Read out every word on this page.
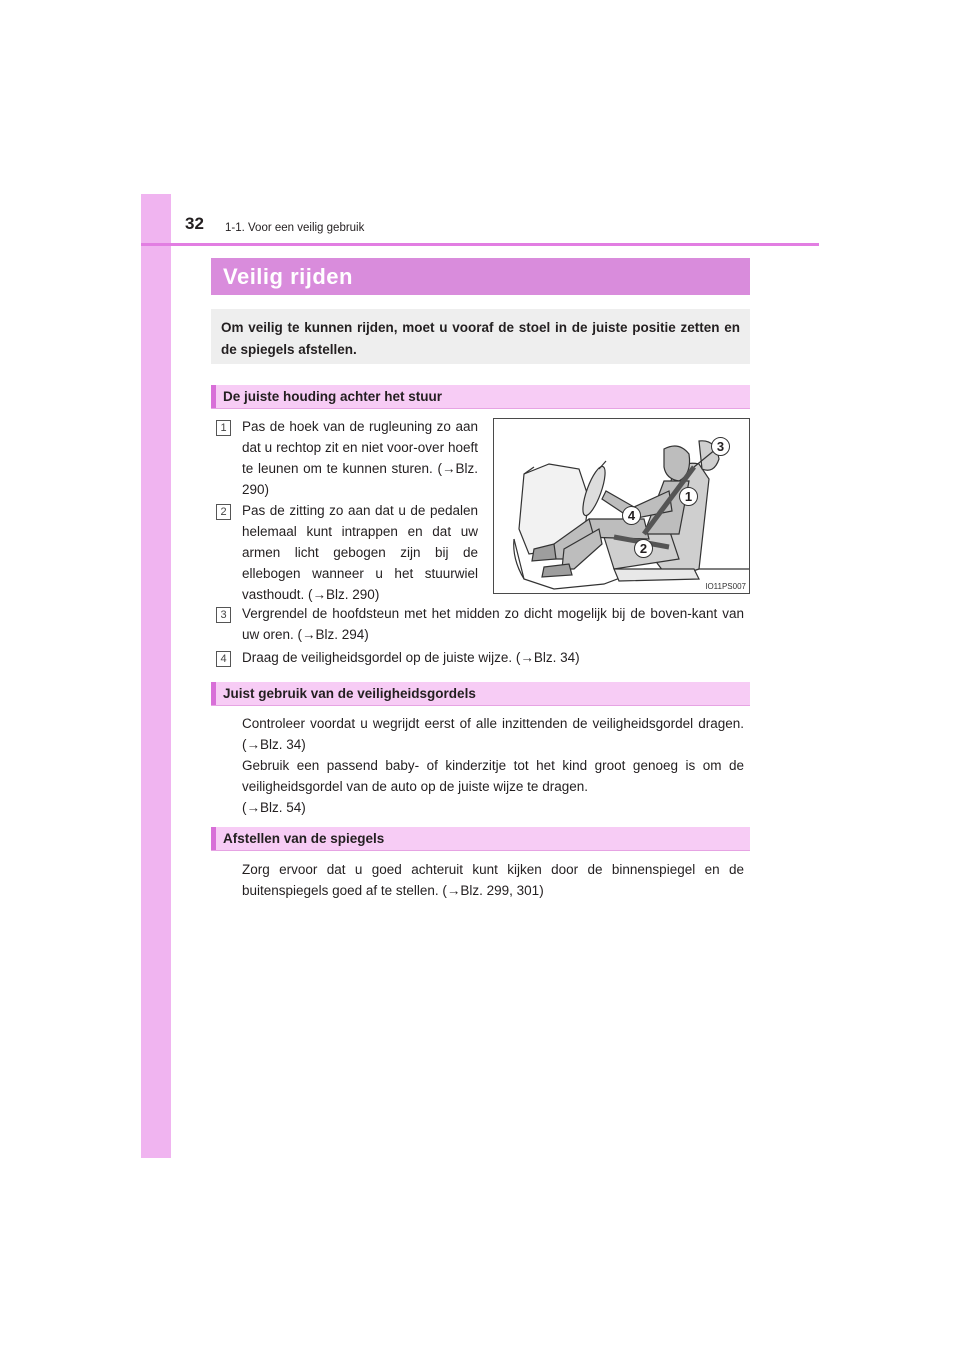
32 1-1. Voor een veilig gebruik
Veilig rijden
Om veilig te kunnen rijden, moet u vooraf de stoel in de juiste positie zetten en de spiegels afstellen.
De juiste houding achter het stuur
1	Pas de hoek van de rugleuning zo aan dat u rechtop zit en niet voor-over hoeft te leunen om te kunnen sturen. (→Blz. 290)
2	Pas de zitting zo aan dat u de pedalen helemaal kunt intrappen en dat uw armen licht gebogen zijn bij de ellebogen wanneer u het stuurwiel vasthoudt. (→Blz. 290)
3	Vergrendel de hoofdsteun met het midden zo dicht mogelijk bij de boven-kant van uw oren. (→Blz. 294)
4	Draag de veiligheidsgordel op de juiste wijze. (→Blz. 34)
3
1
4
2
IO11PS007
Juist gebruik van de veiligheidsgordels
Controleer voordat u wegrijdt eerst of alle inzittenden de veiligheidsgordel dragen. (→Blz. 34)
Gebruik een passend baby- of kinderzitje tot het kind groot genoeg is om de veiligheidsgordel van de auto op de juiste wijze te dragen.
(→Blz. 54)
Afstellen van de spiegels
Zorg ervoor dat u goed achteruit kunt kijken door de binnenspiegel en de buitenspiegels goed af te stellen. (→Blz. 299, 301)
